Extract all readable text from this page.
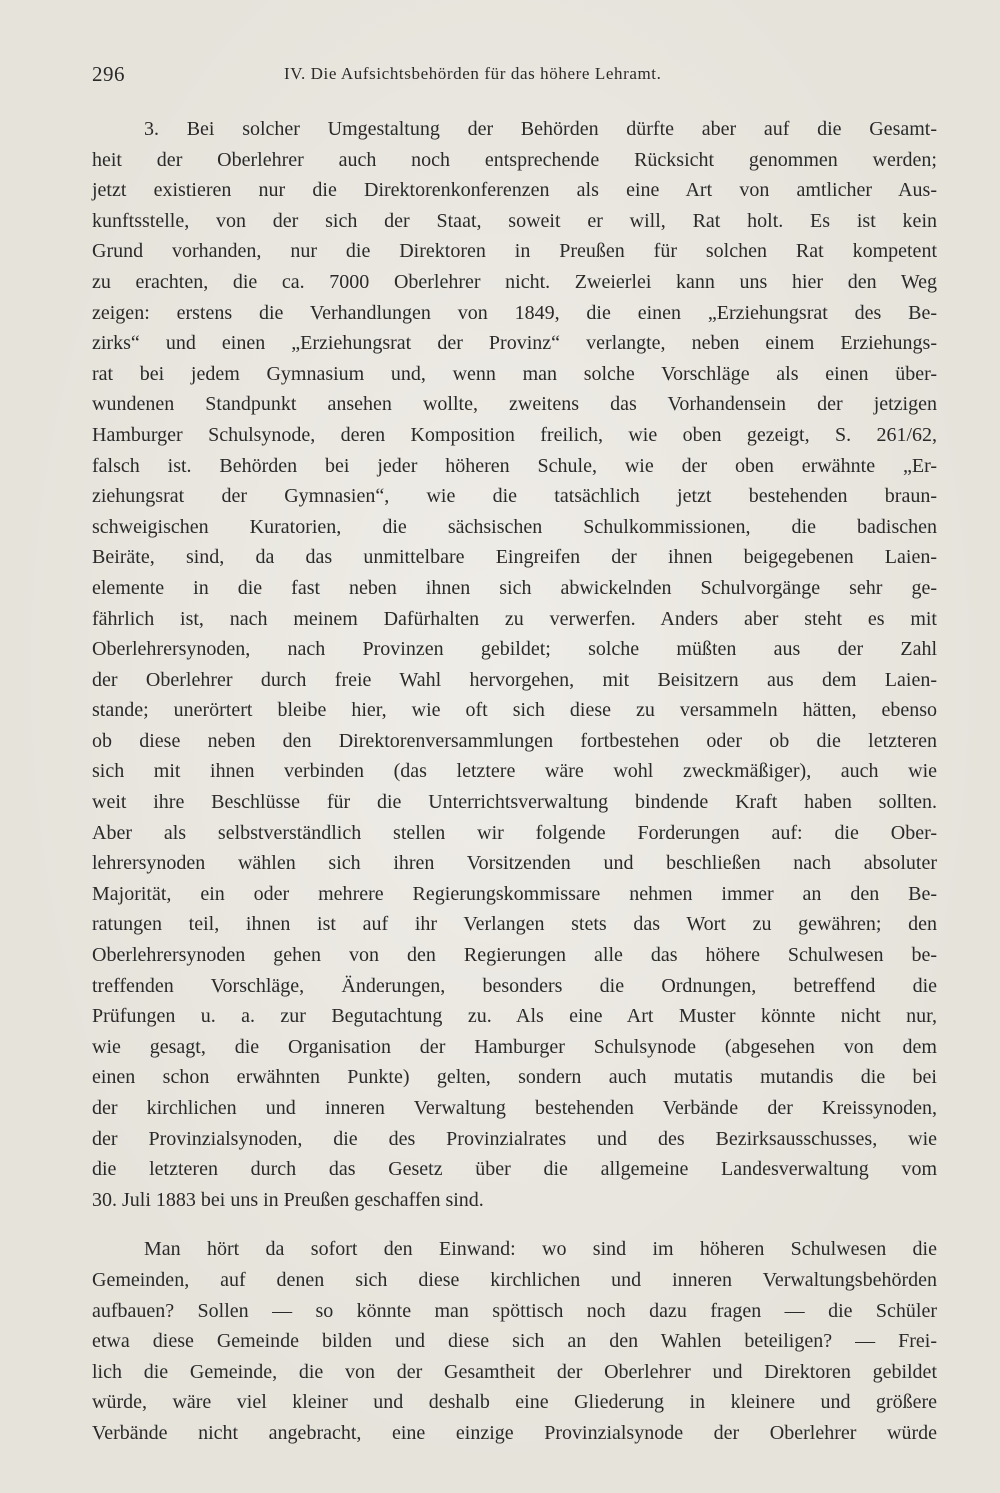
296	IV. Die Aufsichtsbehörden für das höhere Lehramt.
3. Bei solcher Umgestaltung der Behörden dürfte aber auf die Gesamt-
heit der Oberlehrer auch noch entsprechende Rücksicht genommen werden;
jetzt existieren nur die Direktorenkonferenzen als eine Art von amtlicher Aus-
kunftsstelle, von der sich der Staat, soweit er will, Rat holt. Es ist kein
Grund vorhanden, nur die Direktoren in Preußen für solchen Rat kompetent
zu erachten, die ca. 7000 Oberlehrer nicht. Zweierlei kann uns hier den Weg
zeigen: erstens die Verhandlungen von 1849, die einen „Erziehungsrat des Be-
zirks“ und einen „Erziehungsrat der Provinz“ verlangte, neben einem Erziehungs-
rat bei jedem Gymnasium und, wenn man solche Vorschläge als einen über-
wundenen Standpunkt ansehen wollte, zweitens das Vorhandensein der jetzigen
Hamburger Schulsynode, deren Komposition freilich, wie oben gezeigt, S. 261/62,
falsch ist. Behörden bei jeder höheren Schule, wie der oben erwähnte „Er-
ziehungsrat der Gymnasien“, wie die tatsächlich jetzt bestehenden braun-
schweigischen Kuratorien, die sächsischen Schulkommissionen, die badischen
Beiräte, sind, da das unmittelbare Eingreifen der ihnen beigegebenen Laien-
elemente in die fast neben ihnen sich abwickelnden Schulvorgänge sehr ge-
fährlich ist, nach meinem Dafürhalten zu verwerfen. Anders aber steht es mit
Oberlehrersynoden, nach Provinzen gebildet; solche müßten aus der Zahl
der Oberlehrer durch freie Wahl hervorgehen, mit Beisitzern aus dem Laien-
stande; unerörtert bleibe hier, wie oft sich diese zu versammeln hätten, ebenso
ob diese neben den Direktorenversammlungen fortbestehen oder ob die letzteren
sich mit ihnen verbinden (das letztere wäre wohl zweckmäßiger), auch wie
weit ihre Beschlüsse für die Unterrichtsverwaltung bindende Kraft haben sollten.
Aber als selbstverständlich stellen wir folgende Forderungen auf: die Ober-
lehrersynoden wählen sich ihren Vorsitzenden und beschließen nach absoluter
Majorität, ein oder mehrere Regierungskommissare nehmen immer an den Be-
ratungen teil, ihnen ist auf ihr Verlangen stets das Wort zu gewähren; den
Oberlehrersynoden gehen von den Regierungen alle das höhere Schulwesen be-
treffenden Vorschläge, Änderungen, besonders die Ordnungen, betreffend die
Prüfungen u. a. zur Begutachtung zu. Als eine Art Muster könnte nicht nur,
wie gesagt, die Organisation der Hamburger Schulsynode (abgesehen von dem
einen schon erwähnten Punkte) gelten, sondern auch mutatis mutandis die bei
der kirchlichen und inneren Verwaltung bestehenden Verbände der Kreissynoden,
der Provinzialsynoden, die des Provinzialrates und des Bezirksausschusses, wie
die letzteren durch das Gesetz über die allgemeine Landesverwaltung vom
30. Juli 1883 bei uns in Preußen geschaffen sind.
Man hört da sofort den Einwand: wo sind im höheren Schulwesen die
Gemeinden, auf denen sich diese kirchlichen und inneren Verwaltungsbehörden
aufbauen? Sollen — so könnte man spöttisch noch dazu fragen — die Schüler
etwa diese Gemeinde bilden und diese sich an den Wahlen beteiligen? — Frei-
lich die Gemeinde, die von der Gesamtheit der Oberlehrer und Direktoren gebildet
würde, wäre viel kleiner und deshalb eine Gliederung in kleinere und größere
Verbände nicht angebracht, eine einzige Provinzialsynode der Oberlehrer würde
